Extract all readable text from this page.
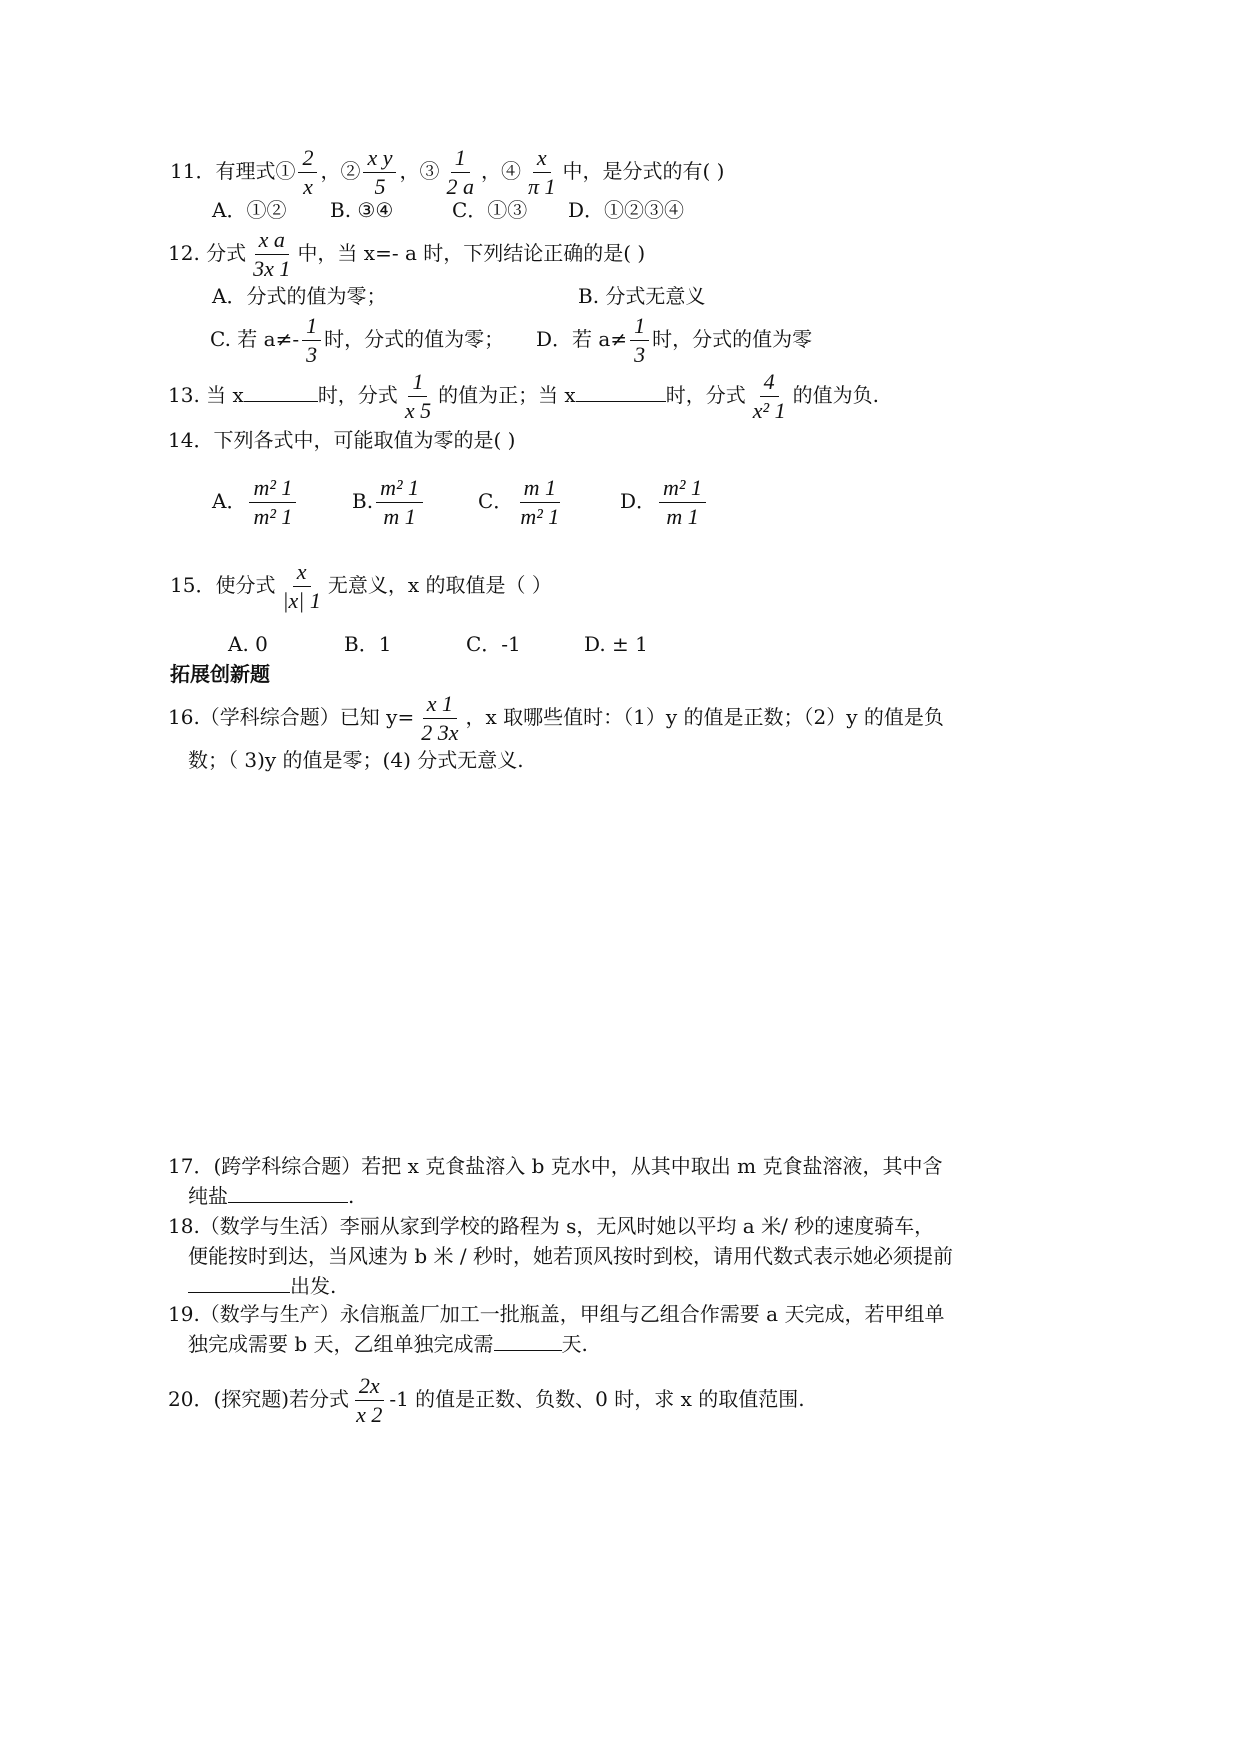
11．有理式① $\frac{2}{x}$ ，② $\frac{\text{x y}}{5}$ ，③ $\frac{1}{2 a}$ ，④ $\frac{x}{\pi 1}$ 中，是分式的有( )
A．①② B. ③④	C．①③ D．①②③④
12. 分式 $\frac{\text{x a}}{3x 1}$ 中，当 x=- a 时，下列结论正确的是( )
A．分式的值为零；	B. 分式无意义
C. 若 $a\ne- \frac{1}{3}$ 时，分式的值为零； D．若 $a\ne \frac{1}{3}$ 时，分式的值为零
13. 当 x	时，分式 $\frac{1}{x 5}$ 的值为正；当 x	时，分式 $\frac{4}{\text{x² 1}}$ 的值为负.
14．下列各式中，可能取值为零的是( )
A． $\frac{\text{m² 1}}{\text{m² 1}}$	B. $\frac{\text{m² 1}}{m 1}$	C． $\frac{m 1}{\text{m² 1}}$	D． $\frac{\text{m² 1}}{m 1}$
15．使分式 $\frac{x}{|x| 1}$ 无意义，x 的取值是（ ）
A. 0	B．1	C．-1	D. ± 1
拓展创新题
16.（学科综合题）已知 $y= \frac{x 1}{2 3x}$ ，x 取哪些值时：（1）y 的值是正数；（2）y 的值是负
数；（ 3)y 的值是零；(4) 分式无意义.
17．(跨学科综合题）若把 x 克食盐溶入 b 克水中，从其中取出 m 克食盐溶液，其中含
纯盐	.
18.（数学与生活）李丽从家到学校的路程为 s，无风时她以平均 a 米/ 秒的速度骑车，
便能按时到达，当风速为 b 米 / 秒时，她若顶风按时到校，请用代数式表示她必须提前
出发.
19.（数学与生产）永信瓶盖厂加工一批瓶盖，甲组与乙组合作需要 a 天完成，若甲组单
独完成需要 b 天，乙组单独完成需	天.
20．(探究题)若分式 $\frac{2x}{x 2} -1$ 的值是正数、负数、0 时，求 x 的取值范围.
